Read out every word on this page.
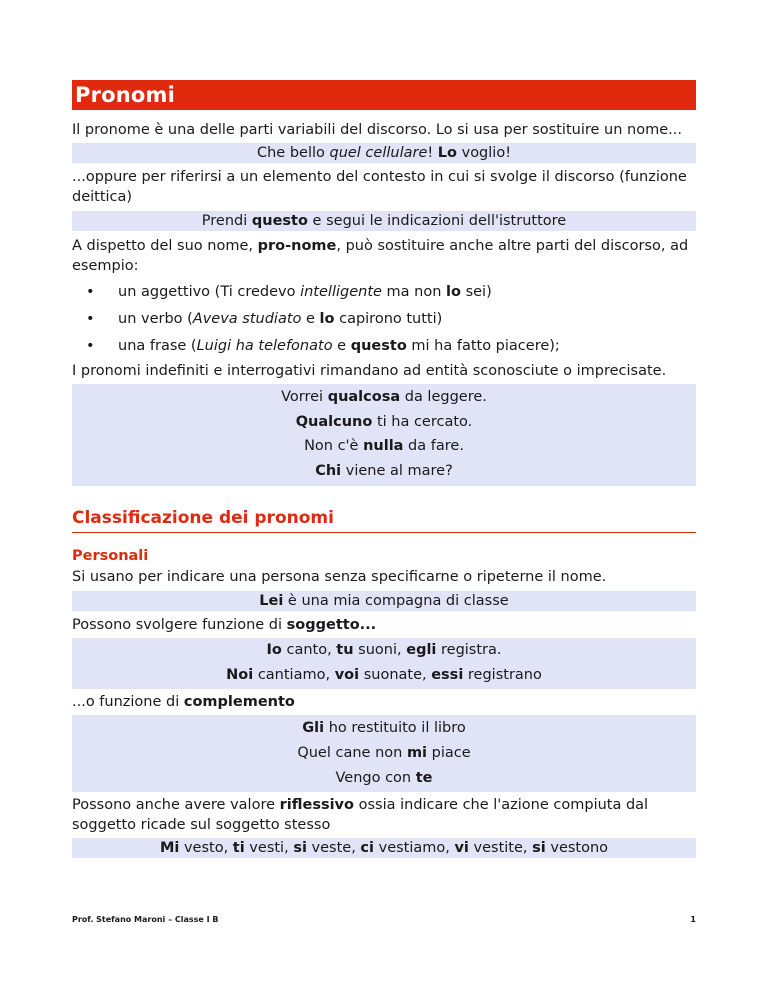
Pronomi

Il pronome è una delle parti variabili del discorso. Lo si usa per sostituire un nome...

Che bello quel cellulare! Lo voglio!

...oppure per riferirsi a un elemento del contesto in cui si svolge il discorso (funzione deittica)

Prendi questo e segui le indicazioni dell'istruttore

A dispetto del suo nome, pro-nome, può sostituire anche altre parti del discorso, ad esempio:

• un aggettivo (Ti credevo intelligente ma non lo sei)
• un verbo (Aveva studiato e lo capirono tutti)
• una frase (Luigi ha telefonato e questo mi ha fatto piacere);

I pronomi indefiniti e interrogativi rimandano ad entità sconosciute o imprecisate.

Vorrei qualcosa da leggere.
Qualcuno ti ha cercato.
Non c'è nulla da fare.
Chi viene al mare?
Classificazione dei pronomi
Personali

Si usano per indicare una persona senza specificarne o ripeterne il nome.

Lei è una mia compagna di classe

Possono svolgere funzione di soggetto...

Io canto, tu suoni, egli registra.
Noi cantiamo, voi suonate, essi registrano

...o funzione di complemento

Gli ho restituito il libro
Quel cane non mi piace
Vengo con te

Possono anche avere valore riflessivo ossia indicare che l'azione compiuta dal soggetto ricade sul soggetto stesso

Mi vesto, ti vesti, si veste, ci vestiamo, vi vestite, si vestono

Prof. Stefano Maroni – Classe I B	1
